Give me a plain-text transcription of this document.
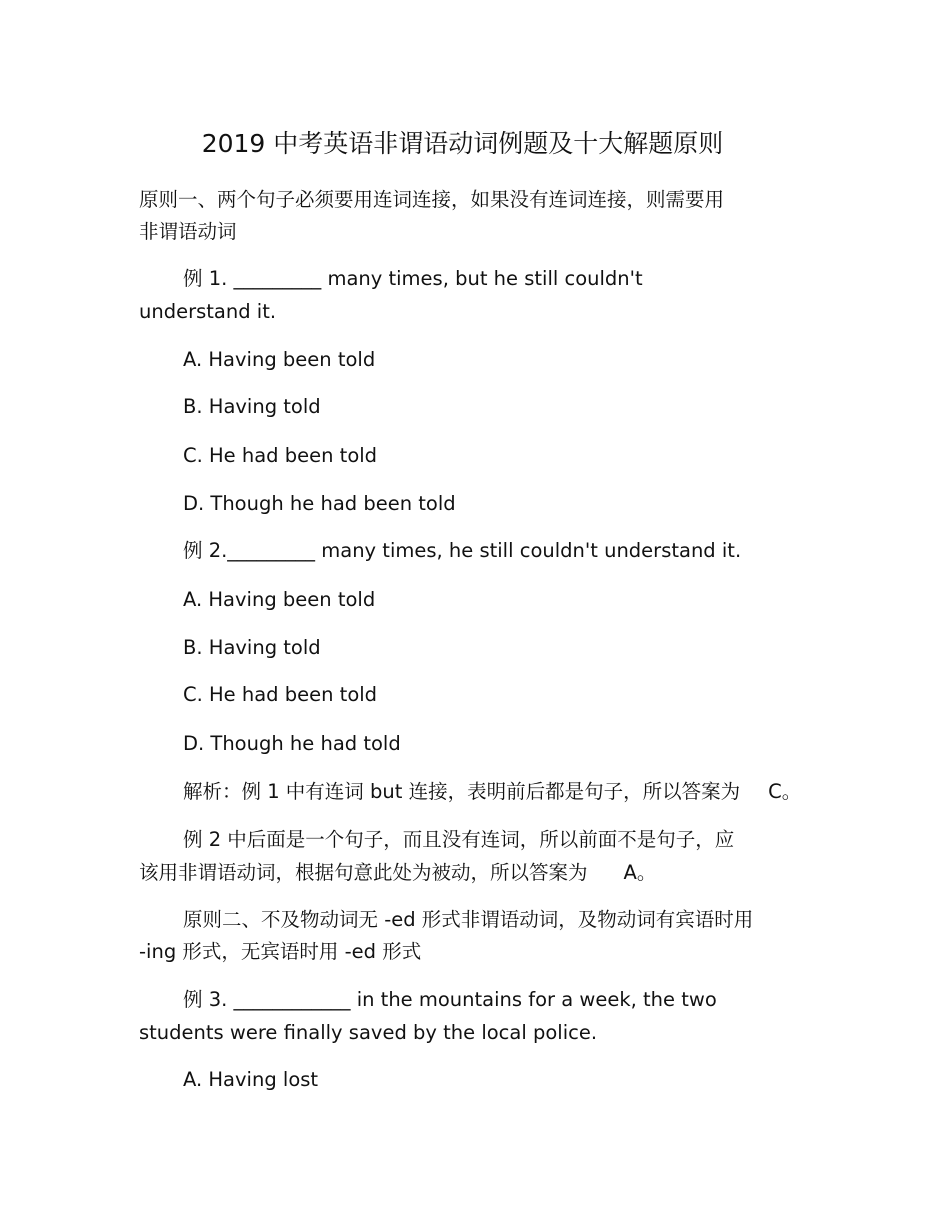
2019 中考英语非谓语动词例题及十大解题原则
原则一、两个句子必须要用连词连接，如果没有连词连接，则需要用
非谓语动词
例 1. _________ many times, but he still couldn't
understand it.
A. Having been told
B. Having told
C. He had been told
D. Though he had been told
例 2._________ many times, he still couldn't understand it.
A. Having been told
B. Having told
C. He had been told
D. Though he had told
解析：例 1 中有连词 but 连接，表明前后都是句子，所以答案为 C。
例 2 中后面是一个句子，而且没有连词，所以前面不是句子，应
该用非谓语动词，根据句意此处为被动，所以答案为 A。
原则二、不及物动词无 -ed 形式非谓语动词，及物动词有宾语时用
-ing 形式，无宾语时用 -ed 形式
例 3. ____________ in the mountains for a week, the two
students were finally saved by the local police.
A. Having lost
